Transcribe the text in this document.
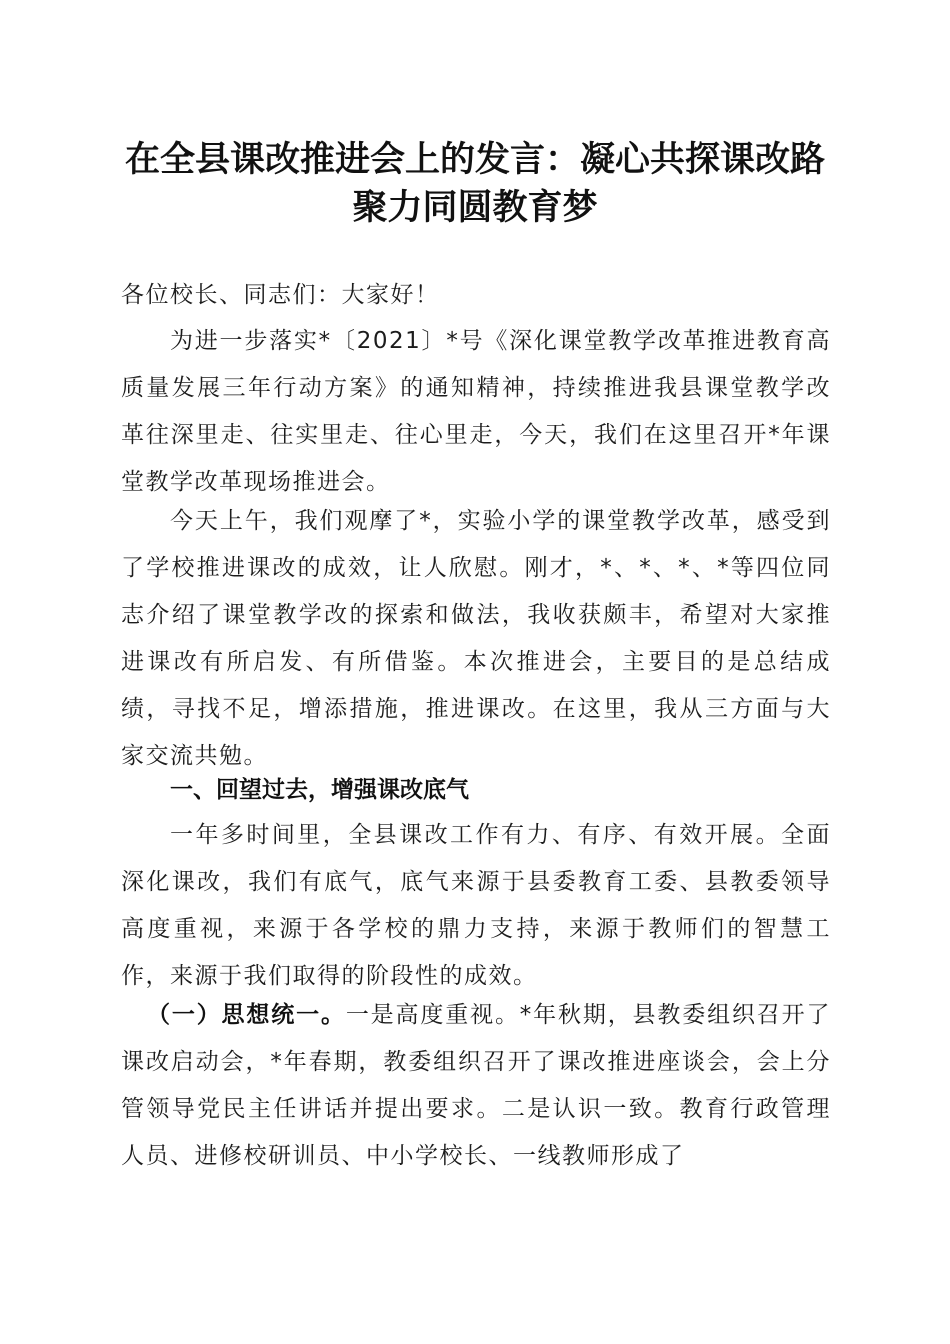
在全县课改推进会上的发言：凝心共探课改路
聚力同圆教育梦

各位校长、同志们：大家好！

为进一步落实*〔2021〕*号《深化课堂教学改革推进教育高质量发展三年行动方案》的通知精神，持续推进我县课堂教学改革往深里走、往实里走、往心里走，今天，我们在这里召开*年课堂教学改革现场推进会。

今天上午，我们观摩了*，实验小学的课堂教学改革，感受到了学校推进课改的成效，让人欣慰。刚才，*、*、*、*等四位同志介绍了课堂教学改的探索和做法，我收获颇丰，希望对大家推进课改有所启发、有所借鉴。本次推进会，主要目的是总结成绩，寻找不足，增添措施，推进课改。在这里，我从三方面与大家交流共勉。

一、回望过去，增强课改底气

一年多时间里，全县课改工作有力、有序、有效开展。全面深化课改，我们有底气，底气来源于县委教育工委、县教委领导高度重视，来源于各学校的鼎力支持，来源于教师们的智慧工作，来源于我们取得的阶段性的成效。

（一）思想统一。一是高度重视。*年秋期，县教委组织召开了课改启动会，*年春期，教委组织召开了课改推进座谈会，会上分管领导党民主任讲话并提出要求。二是认识一致。教育行政管理人员、进修校研训员、中小学校长、一线教师形成了
